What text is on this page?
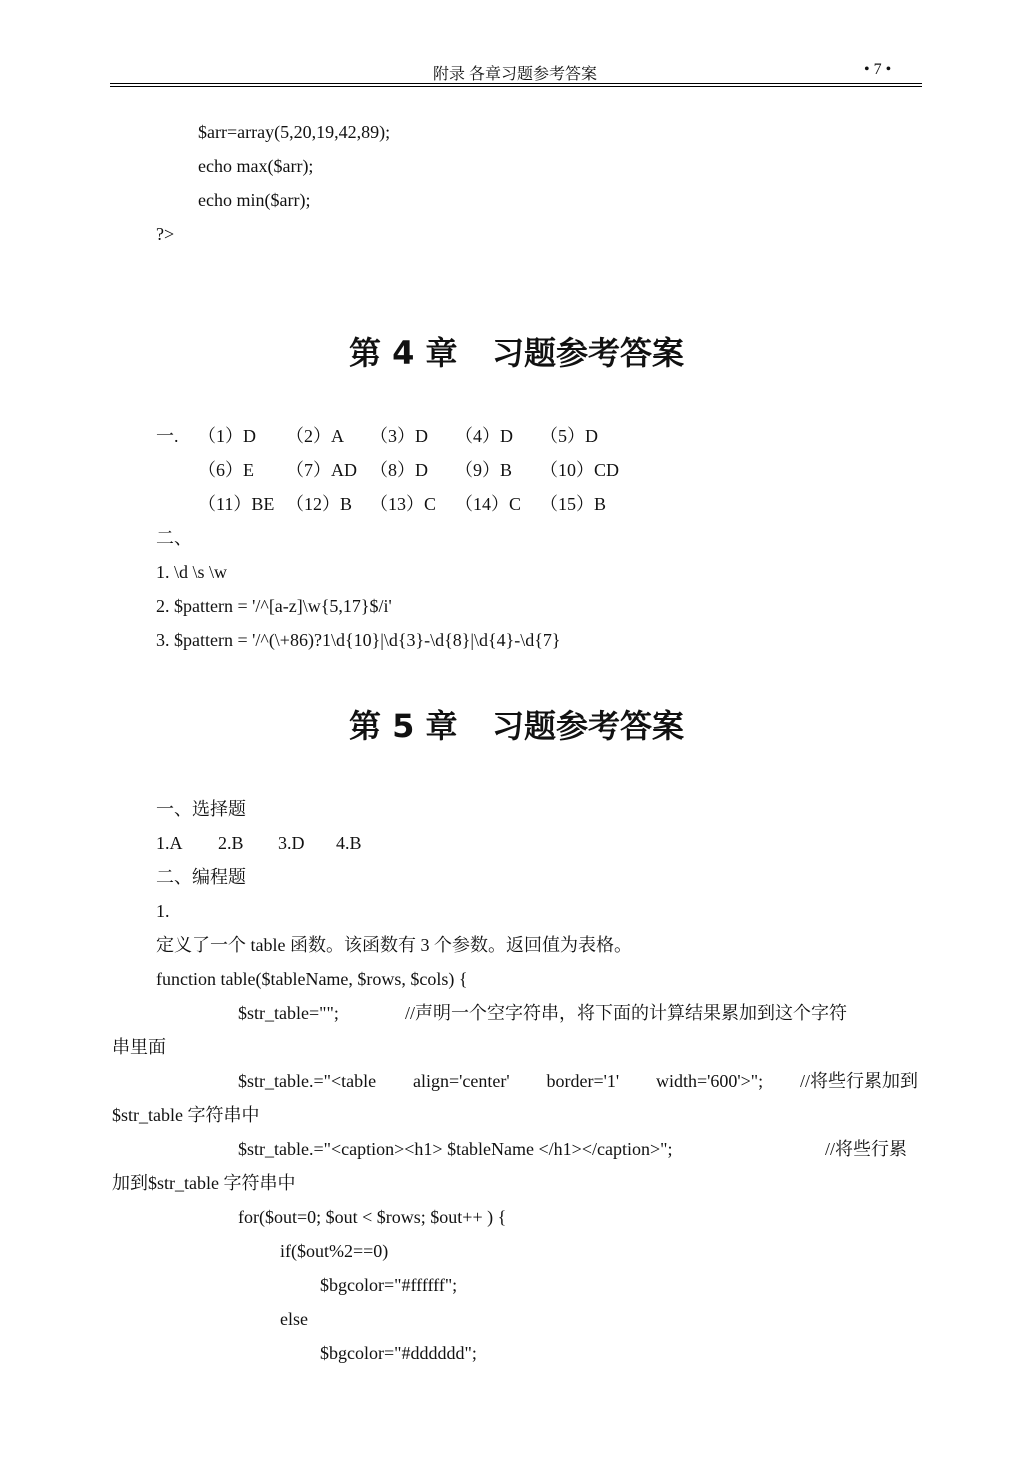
附录 各章习题参考答案	• 7 •
$arr=array(5,20,19,42,89);
echo max($arr);
echo min($arr);
?>
第 4 章 习题参考答案
一. （1）D （2）A （3）D （4）D （5）D
（6）E （7）AD （8）D （9）B （10）CD
（11）BE （12）B （13）C （14）C （15）B
二、
1. \d \s \w
2. $pattern = '/^[a-z]\w{5,17}$/i'
3. $pattern = '/^(\+86)?1\d{10}|\d{3}-\d{8}|\d{4}-\d{7}
第 5 章 习题参考答案
一、选择题
1.A 2.B 3.D 4.B
二、编程题
1.
定义了一个 table 函数。该函数有 3 个参数。返回值为表格。
function table($tableName, $rows, $cols) {
$str_table="";	//声明一个空字符串，将下面的计算结果累加到这个字符
串里面
$str_table.="<table align='center' border='1' width='600'>"; //将些行累加到
$str_table 字符串中
$str_table.="<caption><h1> $tableName </h1></caption>";	//将些行累
加到$str_table 字符串中
for($out=0; $out < $rows; $out++ ) {
if($out%2==0)
$bgcolor="#ffffff";
else
$bgcolor="#dddddd";
